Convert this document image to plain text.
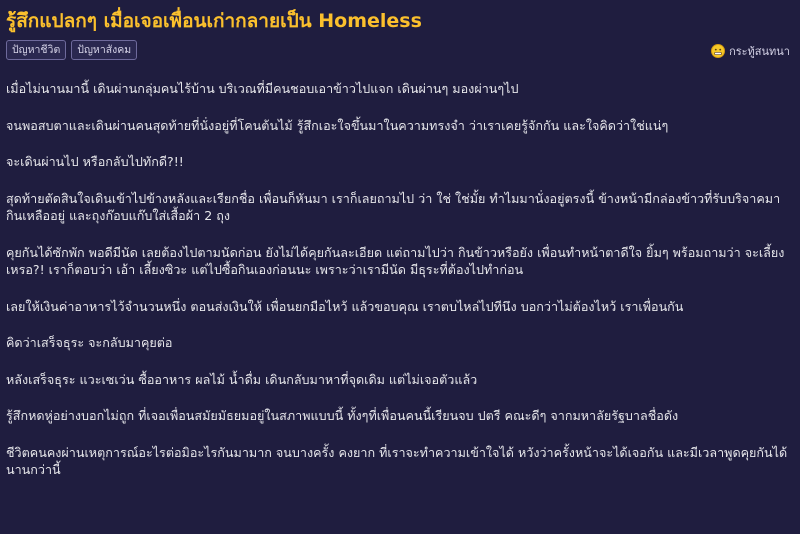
รู้สึกแปลกๆ เมื่อเจอเพื่อนเก่ากลายเป็น Homeless
ปัญหาชีวิต	ปัญหาสังคม	กระทู้สนทนา

เมื่อไม่นานมานี้ เดินผ่านกลุ่มคนไร้บ้าน บริเวณที่มีคนชอบเอาข้าวไปแจก เดินผ่านๆ มองผ่านๆไป

จนพอสบตาและเดินผ่านคนสุดท้ายที่นั่งอยู่ที่โคนต้นไม้ รู้สึกเอะใจขึ้นมาในความทรงจำ ว่าเราเคยรู้จักกัน และใจคิดว่าใช่แน่ๆ

จะเดินผ่านไป หรือกลับไปทักดี?!!

สุดท้ายตัดสินใจเดินเข้าไปข้างหลังและเรียกชื่อ เพื่อนก็หันมา เราก็เลยถามไป ว่า ใช่ ใช่มั้ย ทำไมมานั่งอยู่ตรงนี้ ข้างหน้ามีกล่องข้าวที่รับบริจาคมา กินเหลืออยู่ และถุงก๊อบแก๊บใส่เสื้อผ้า 2 ถุง

คุยกันได้ซักพัก พอดีมีนัด เลยต้องไปตามนัดก่อน ยังไม่ได้คุยกันละเอียด แต่ถามไปว่า กินข้าวหรือยัง เพื่อนทำหน้าตาดีใจ ยิ้มๆ พร้อมถามว่า จะเลี้ยงเหรอ?! เราก็ตอบว่า เอ้า เลี้ยงซิวะ แต่ไปซื้อกินเองก่อนนะ เพราะว่าเรามีนัด มีธุระที่ต้องไปทำก่อน

เลยให้เงินค่าอาหารไว้จำนวนหนึ่ง ตอนส่งเงินให้ เพื่อนยกมือไหว้ แล้วขอบคุณ เราตบไหล่ไปทีนึง บอกว่าไม่ต้องไหว้ เราเพื่อนกัน

คิดว่าเสร็จธุระ จะกลับมาคุยต่อ

หลังเสร็จธุระ แวะเซเว่น ซื้ออาหาร ผลไม้ น้ำดื่ม เดินกลับมาหาที่จุดเดิม แต่ไม่เจอตัวแล้ว

รู้สึกหดหู่อย่างบอกไม่ถูก ที่เจอเพื่อนสมัยมัธยมอยู่ในสภาพแบบนี้ ทั้งๆที่เพื่อนคนนี้เรียนจบ ปตรี คณะดีๆ จากมหาลัยรัฐบาลชื่อดัง

ชีวิตคนคงผ่านเหตุการณ์อะไรต่อมิอะไรกันมามาก จนบางครั้ง คงยาก ที่เราจะทำความเข้าใจได้ หวังว่าครั้งหน้าจะได้เจอกัน และมีเวลาพูดคุยกันได้นานกว่านี้
